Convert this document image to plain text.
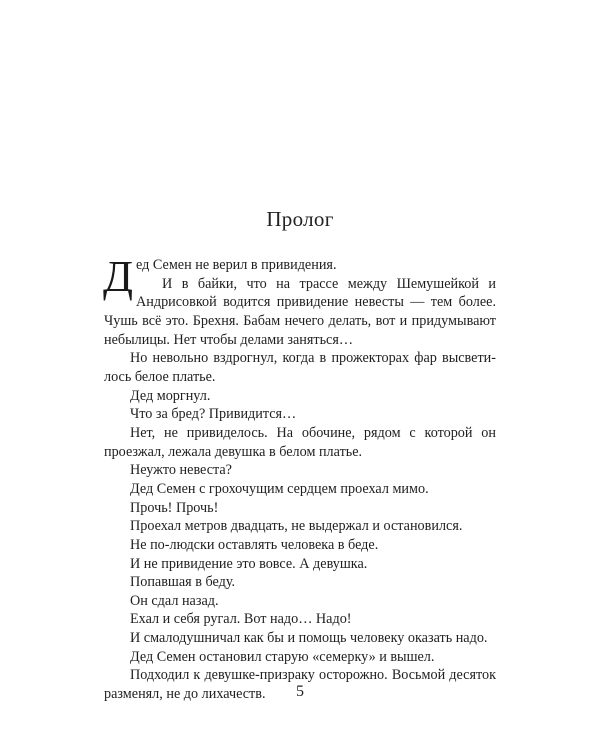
Пролог

Дед Семен не верил в привидения.

И в байки, что на трассе между Шемушейкой и Андрисовкой водится привидение невесты — тем более. Чушь всё это. Брехня. Бабам нечего делать, вот и придумывают небылицы. Нет чтобы делами заняться…

Но невольно вздрогнул, когда в прожекторах фар высветилось белое платье.

Дед моргнул.

Что за бред? Привидится…

Нет, не привиделось. На обочине, рядом с которой он проезжал, лежала девушка в белом платье.

Неужто невеста?

Дед Семен с грохочущим сердцем проехал мимо.

Прочь! Прочь!

Проехал метров двадцать, не выдержал и остановился.

Не по-людски оставлять человека в беде.

И не привидение это вовсе. А девушка.

Попавшая в беду.

Он сдал назад.

Ехал и себя ругал. Вот надо… Надо!

И смалодушничал как бы и помощь человеку оказать надо.

Дед Семен остановил старую «семерку» и вышел.

Подходил к девушке-призраку осторожно. Восьмой десяток разменял, не до лихачеств.	5
